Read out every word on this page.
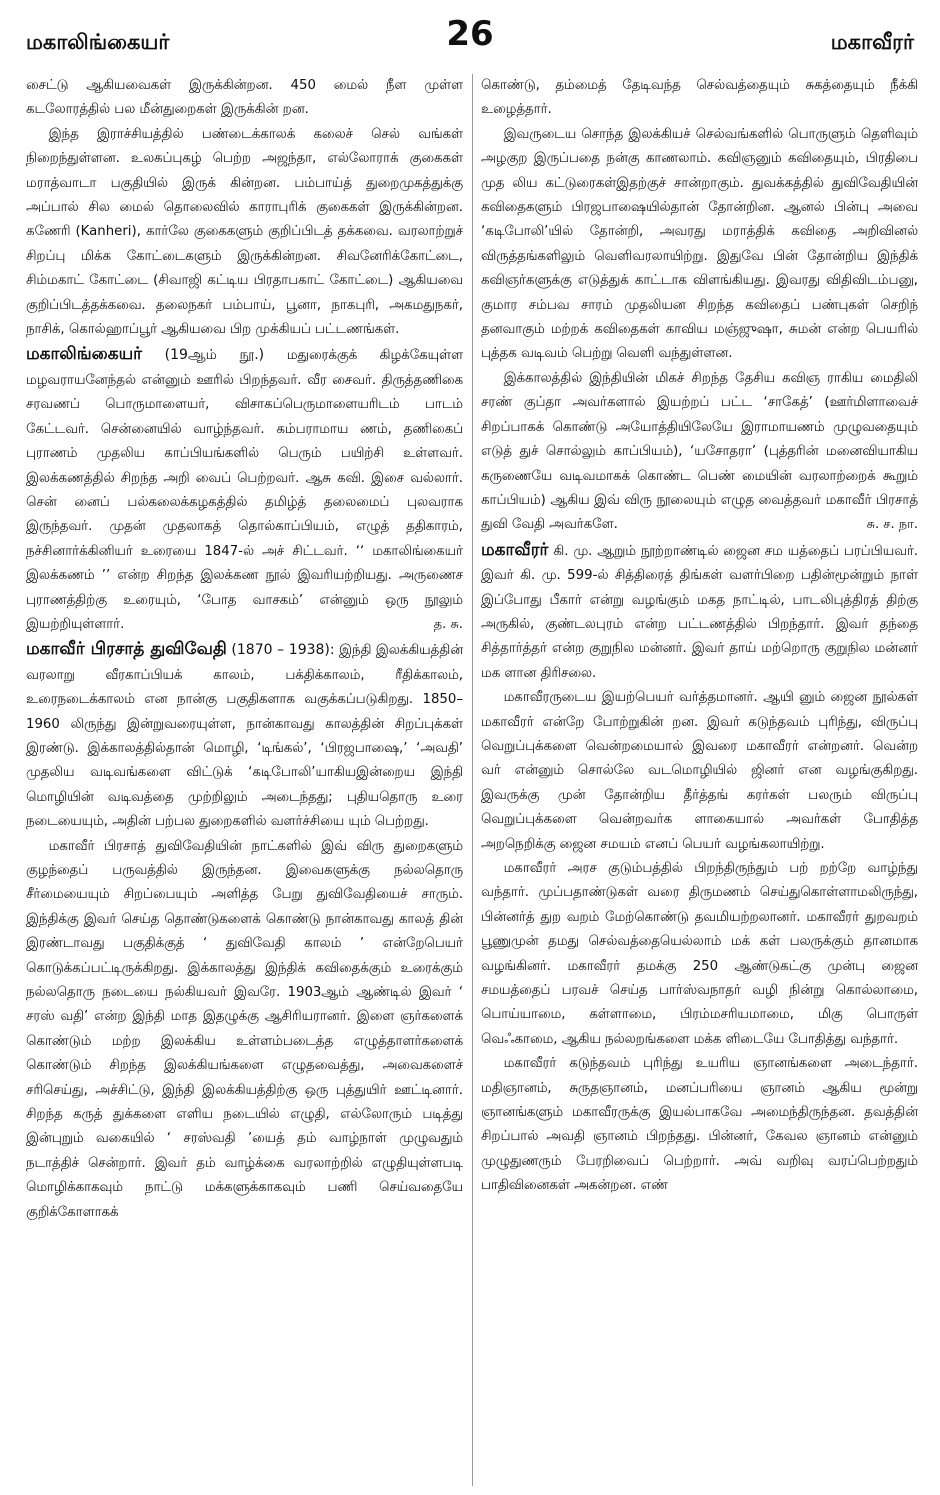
மகாலிங்கையர்	26	மகாவீரர்

சைட்டு ஆகியவைகள் இருக்கின்றன. 450 மைல் நீள முள்ள கடலோரத்தில் பல மீன்துறைகள் இருக்கின் றன.

இந்த இராச்சியத்தில் பண்டைக்காலக் கலைச் செல் வங்கள் நிறைந்துள்ளன. உலகப்புகழ் பெற்ற அஜந்தா, எல்லோராக் குகைகள் மராத்வாடா பகுதியில் இருக் கின்றன. பம்பாய்த் துறைமுகத்துக்கு அப்பால் சில மைல் தொலைவில் காராபுரிக் குகைகள் இருக்கின்றன. கணேரி (Kanheri), கார்லே குகைகளும் குறிப்பிடத் தக்கவை. வரலாற்றுச் சிறப்பு மிக்க கோட்டைகளும் இருக்கின்றன. சிவனேரிக்கோட்டை, சிம்மகாட் கோட்டை (சிவாஜி கட்டிய பிரதாபகாட் கோட்டை) ஆகியவை குறிப்பிடத்தக்கவை. தலைநகர் பம்பாய், பூனா, நாகபுரி, அகமதுநகர், நாசிக், கொல்ஹாப்பூர் ஆகியவை பிற முக்கியப் பட்டணங்கள்.

மகாலிங்கையர் (19ஆம் நூ.) மதுரைக்குக் கிழக்கேயுள்ள மழவராயனேந்தல் என்னும் ஊரில் பிறந்தவர். வீர சைவர். திருத்தணிகை சரவணப் பொருமாளையர், விசாகப்பெருமாளையரிடம் பாடம் கேட்டவர். சென்னையில் வாழ்ந்தவர். கம்பராமாய ணம், தணிகைப் புராணம் முதலிய காப்பியங்களில் பெரும் பயிற்சி உள்ளவர். இலக்கணத்தில் சிறந்த அறி வைப் பெற்றவர். ஆசு கவி. இசை வல்லார். சென் னைப் பல்கலைக்கழகத்தில் தமிழ்த் தலைமைப் புலவராக இருந்தவர். முதன் முதலாகத் தொல்காப்பியம், எழுத் ததிகாரம், நச்சினார்க்கினியர் உரையை 1847-ல் அச் சிட்டவர். ‘‘ மகாலிங்கையர் இலக்கணம் ’’ என்ற சிறந்த இலக்கண நூல் இவரியற்றியது. அருணைச புராணத்திற்கு உரையும், ‘போத வாசகம்’ என்னும் ஒரு நூலும் இயற்றியுள்ளார்.	த. சு.

மகாவீர் பிரசாத் துவிவேதி (1870 – 1938): இந்தி இலக்கியத்தின் வரலாறு வீரகாப்பியக் காலம், பக்திக்காலம், ரீதிக்காலம், உரைநடைக்காலம் என நான்கு பகுதிகளாக வகுக்கப்படுகிறது. 1850–1960 லிருந்து இன்றுவரையுள்ள, நான்காவது காலத்தின் சிறப்புக்கள் இரண்டு. இக்காலத்தில்தான் மொழி, ‘டிங்கல்’, ‘பிரஜபாஷை,’ ‘அவதி’ முதலிய வடிவங்களை விட்டுக் ‘கடிபோலி’யாகியஇன்றைய இந்தி மொழியின் வடிவத்தை முற்றிலும் அடைந்தது; புதியதொரு உரை நடையையும், அதின் பற்பல துறைகளில் வளர்ச்சியை யும் பெற்றது.

மகாவீர் பிரசாத் துவிவேதியின் நாட்களில் இவ் விரு துறைகளும் குழந்தைப் பருவத்தில் இருந்தன. இவைகளுக்கு நல்லதொரு சீர்மையையும் சிறப்பையும் அளித்த பேறு துவிவேதியைச் சாரும். இந்திக்கு இவர் செய்த தொண்டுகளைக் கொண்டு நான்காவது காலத் தின் இரண்டாவது பகுதிக்குத் ‘ துவிவேதி காலம் ’ என்றேபெயர் கொடுக்கப்பட்டிருக்கிறது. இக்காலத்து இந்திக் கவிதைக்கும் உரைக்கும் நல்லதொரு நடையை நல்கியவர் இவரே. 1903ஆம் ஆண்டில் இவர் ‘ சரஸ் வதி’ என்ற இந்தி மாத இதழுக்கு ஆசிரியரானர். இளை ஞர்களைக் கொண்டும் மற்ற இலக்கிய உள்ளம்படைத்த எழுத்தாளர்களைக் கொண்டும் சிறந்த இலக்கியங்களை எழுதவைத்து, அவைகளைச் சரிசெய்து, அச்சிட்டு, இந்தி இலக்கியத்திற்கு ஒரு புத்துயிர் ஊட்டினார். சிறந்த கருத் துக்களை எளிய நடையில் எழுதி, எல்லோரும் படித்து இன்புறும் வகையில் ‘ சரஸ்வதி ’யைத் தம் வாழ்நாள் முழுவதும் நடாத்திச் சென்றார். இவர் தம் வாழ்க்கை வரலாற்றில் எழுதியுள்ளபடி மொழிக்காகவும் நாட்டு மக்களுக்காகவும் பணி செய்வதையே குறிக்கோளாகக்

கொண்டு, தம்மைத் தேடிவந்த செல்வத்தையும் சுகத்தையும் நீக்கி உழைத்தார்.

இவருடைய சொந்த இலக்கியச் செல்வங்களில் பொருளும் தெளிவும் அழகுற இருப்பதை நன்கு காணலாம். கவிஞனும் கவிதையும், பிரதிபை முத லிய கட்டுரைகள்இதற்குச் சான்றாகும். துவக்கத்தில் துவிவேதியின் கவிதைகளும் பிரஜபாஷையில்தான் தோன்றின. ஆனல் பின்பு அவை ‘கடிபோலி’யில் தோன்றி, அவரது மராத்திக் கவிதை அறிவினல் விருத்தங்களிலும் வெளிவரலாயிற்று. இதுவே பின் தோன்றிய இந்திக் கவிஞர்களுக்கு எடுத்துக் காட்டாக விளங்கியது. இவரது விதிவிடம்பனு, குமார சம்பவ சாரம் முதலியன சிறந்த கவிதைப் பண்புகள் செறிந் தனவாகும் மற்றக் கவிதைகள் காவிய மஞ்ஜுஷா, சுமன் என்ற பெயரில் புத்தக வடிவம் பெற்று வெளி வந்துள்ளன.

இக்காலத்தில் இந்தியின் மிகச் சிறந்த தேசிய கவிஞ ராகிய மைதிலி சரண் குப்தா அவர்களால் இயற்றப் பட்ட ‘சாகேத்’ (ஊர்மிளாவைச் சிறப்பாகக் கொண்டு அயோத்தியிலேயே இராமாயணம் முழுவதையும் எடுத் துச் சொல்லும் காப்பியம்), ‘யசோதரா’ (புத்தரின் மனைவியாகிய கருணையே வடிவமாகக் கொண்ட பெண் மையின் வரலாற்றைக் கூறும் காப்பியம்) ஆகிய இவ் விரு நூலையும் எழுத வைத்தவர் மகாவீர் பிரசாத் துவி வேதி அவர்களே.	சு. ச. நா.

மகாவீரர் கி. மு. ஆறும் நூற்றாண்டில் ஜைன சம யத்தைப் பரப்பியவர். இவர் கி. மு. 599-ல் சித்திரைத் திங்கள் வளர்பிறை பதின்மூன்றும் நாள் இப்போது பீகார் என்று வழங்கும் மகத நாட்டில், பாடலிபுத்திரத் திற்கு அருகில், குண்டலபுரம் என்ற பட்டணத்தில் பிறந்தார். இவர் தந்தை சித்தார்த்தர் என்ற குறுநில மன்னர். இவர் தாய் மற்றொரு குறுநில மன்னர் மக ளான திரிசலை.

மகாவீரருடைய இயற்பெயர் வர்த்தமானர். ஆயி னும் ஜைன நூல்கள் மகாவீரர் என்றே போற்றுகின் றன. இவர் கடுந்தவம் புரிந்து, விருப்பு வெறுப்புக்களை வென்றமையால் இவரை மகாவீரர் என்றனர். வென்ற வர் என்னும் சொல்லே வடமொழியில் ஜினர் என வழங்குகிறது. இவருக்கு முன் தோன்றிய தீர்த்தங் கரர்கள் பலரும் விருப்பு வெறுப்புக்களை வென்றவர்க ளாகையால் அவர்கள் போதித்த அறநெறிக்கு ஜைன சமயம் எனப் பெயர் வழங்கலாயிற்று.

மகாவீரர் அரச குடும்பத்தில் பிறந்திருந்தும் பற் றற்றே வாழ்ந்து வந்தார். முப்பதாண்டுகள் வரை திருமணம் செய்துகொள்ளாமலிருந்து, பின்னர்த் துற வறம் மேற்கொண்டு தவமியற்றலானர். மகாவீரர் துறவறம் பூணுமுன் தமது செல்வத்தையெல்லாம் மக் கள் பலருக்கும் தானமாக வழங்கினர். மகாவீரர் தமக்கு 250 ஆண்டுகட்கு முன்பு ஜைன சமயத்தைப் பரவச் செய்த பார்ஸ்வநாதர் வழி நின்று கொல்லாமை, பொய்யாமை, கள்ளாமை, பிரம்மசரியமாமை, மிகு பொருள் வெஃகாமை, ஆகிய நல்லறங்களை மக்க ளிடையே போதித்து வந்தார்.

மகாவீரர் கடுந்தவம் புரிந்து உயரிய ஞானங்களை அடைந்தார். மதிஞானம், சுருதஞானம், மனப்பரியை ஞானம் ஆகிய மூன்று ஞானங்களும் மகாவீரருக்கு இயல்பாகவே அமைந்திருந்தன. தவத்தின் சிறப்பால் அவதி ஞானம் பிறந்தது. பின்னர், கேவல ஞானம் என்னும் முழுதுணரும் பேரறிவைப் பெற்றார். அவ் வறிவு வரப்பெற்றதும் பாதிவினைகள் அகன்றன. எண்
